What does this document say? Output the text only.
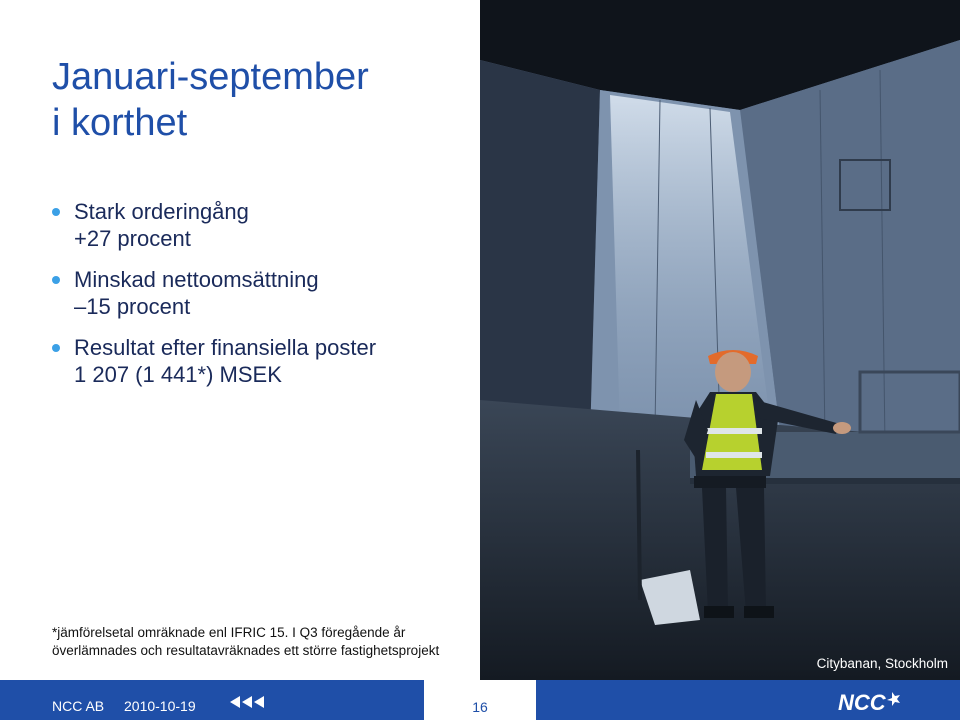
Januari-september
i korthet
Stark orderingång
+27 procent
Minskad nettoomsättning
–15 procent
Resultat efter finansiella poster
1 207 (1 441*) MSEK
*jämförelsetal omräknade enl IFRIC 15. I Q3 föregående år
överlämnades och resultatavräknades ett större fastighetsprojekt
Citybanan, Stockholm
NCC AB 2010-10-19	16	NCC
